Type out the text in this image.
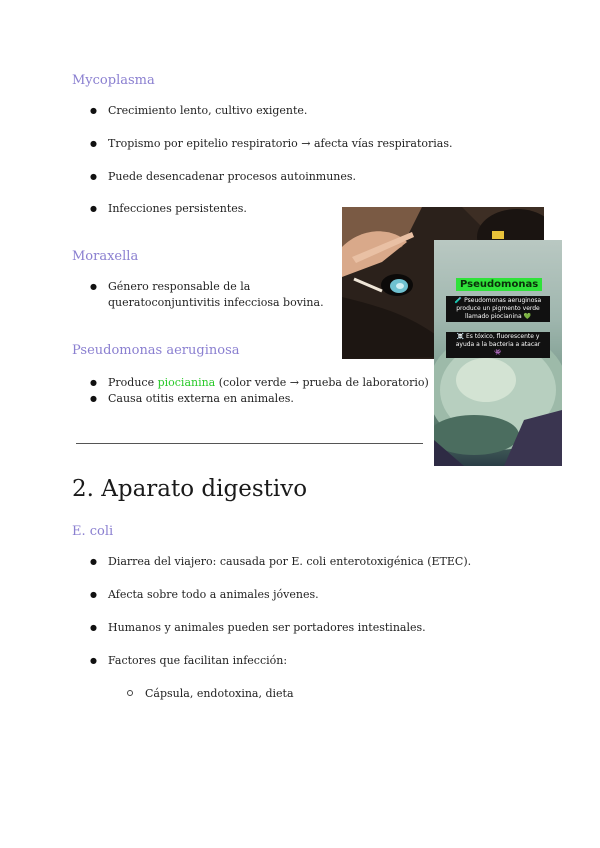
Mycoplasma
● Crecimiento lento, cultivo exigente.
● Tropismo por epitelio respiratorio → afecta vías respiratorias.
● Puede desencadenar procesos autoinmunes.
● Infecciones persistentes.
Moraxella
● Género responsable de la
queratoconjuntivitis infecciosa bovina.
Pseudomonas aeruginosa
● Produce piocianina (color verde → prueba de laboratorio)
● Causa otitis externa en animales.
Pseudomonas
🧪 Pseudomonas aeruginosa
produce un pigmento verde
llamado piocianina 💚
☠️ Es tóxico, fluorescente y
ayuda a la bacteria a atacar
👾
2. Aparato digestivo
E. coli
● Diarrea del viajero: causada por E. coli enterotoxigénica (ETEC).
● Afecta sobre todo a animales jóvenes.
● Humanos y animales pueden ser portadores intestinales.
● Factores que facilitan infección:
Cápsula, endotoxina, dieta
